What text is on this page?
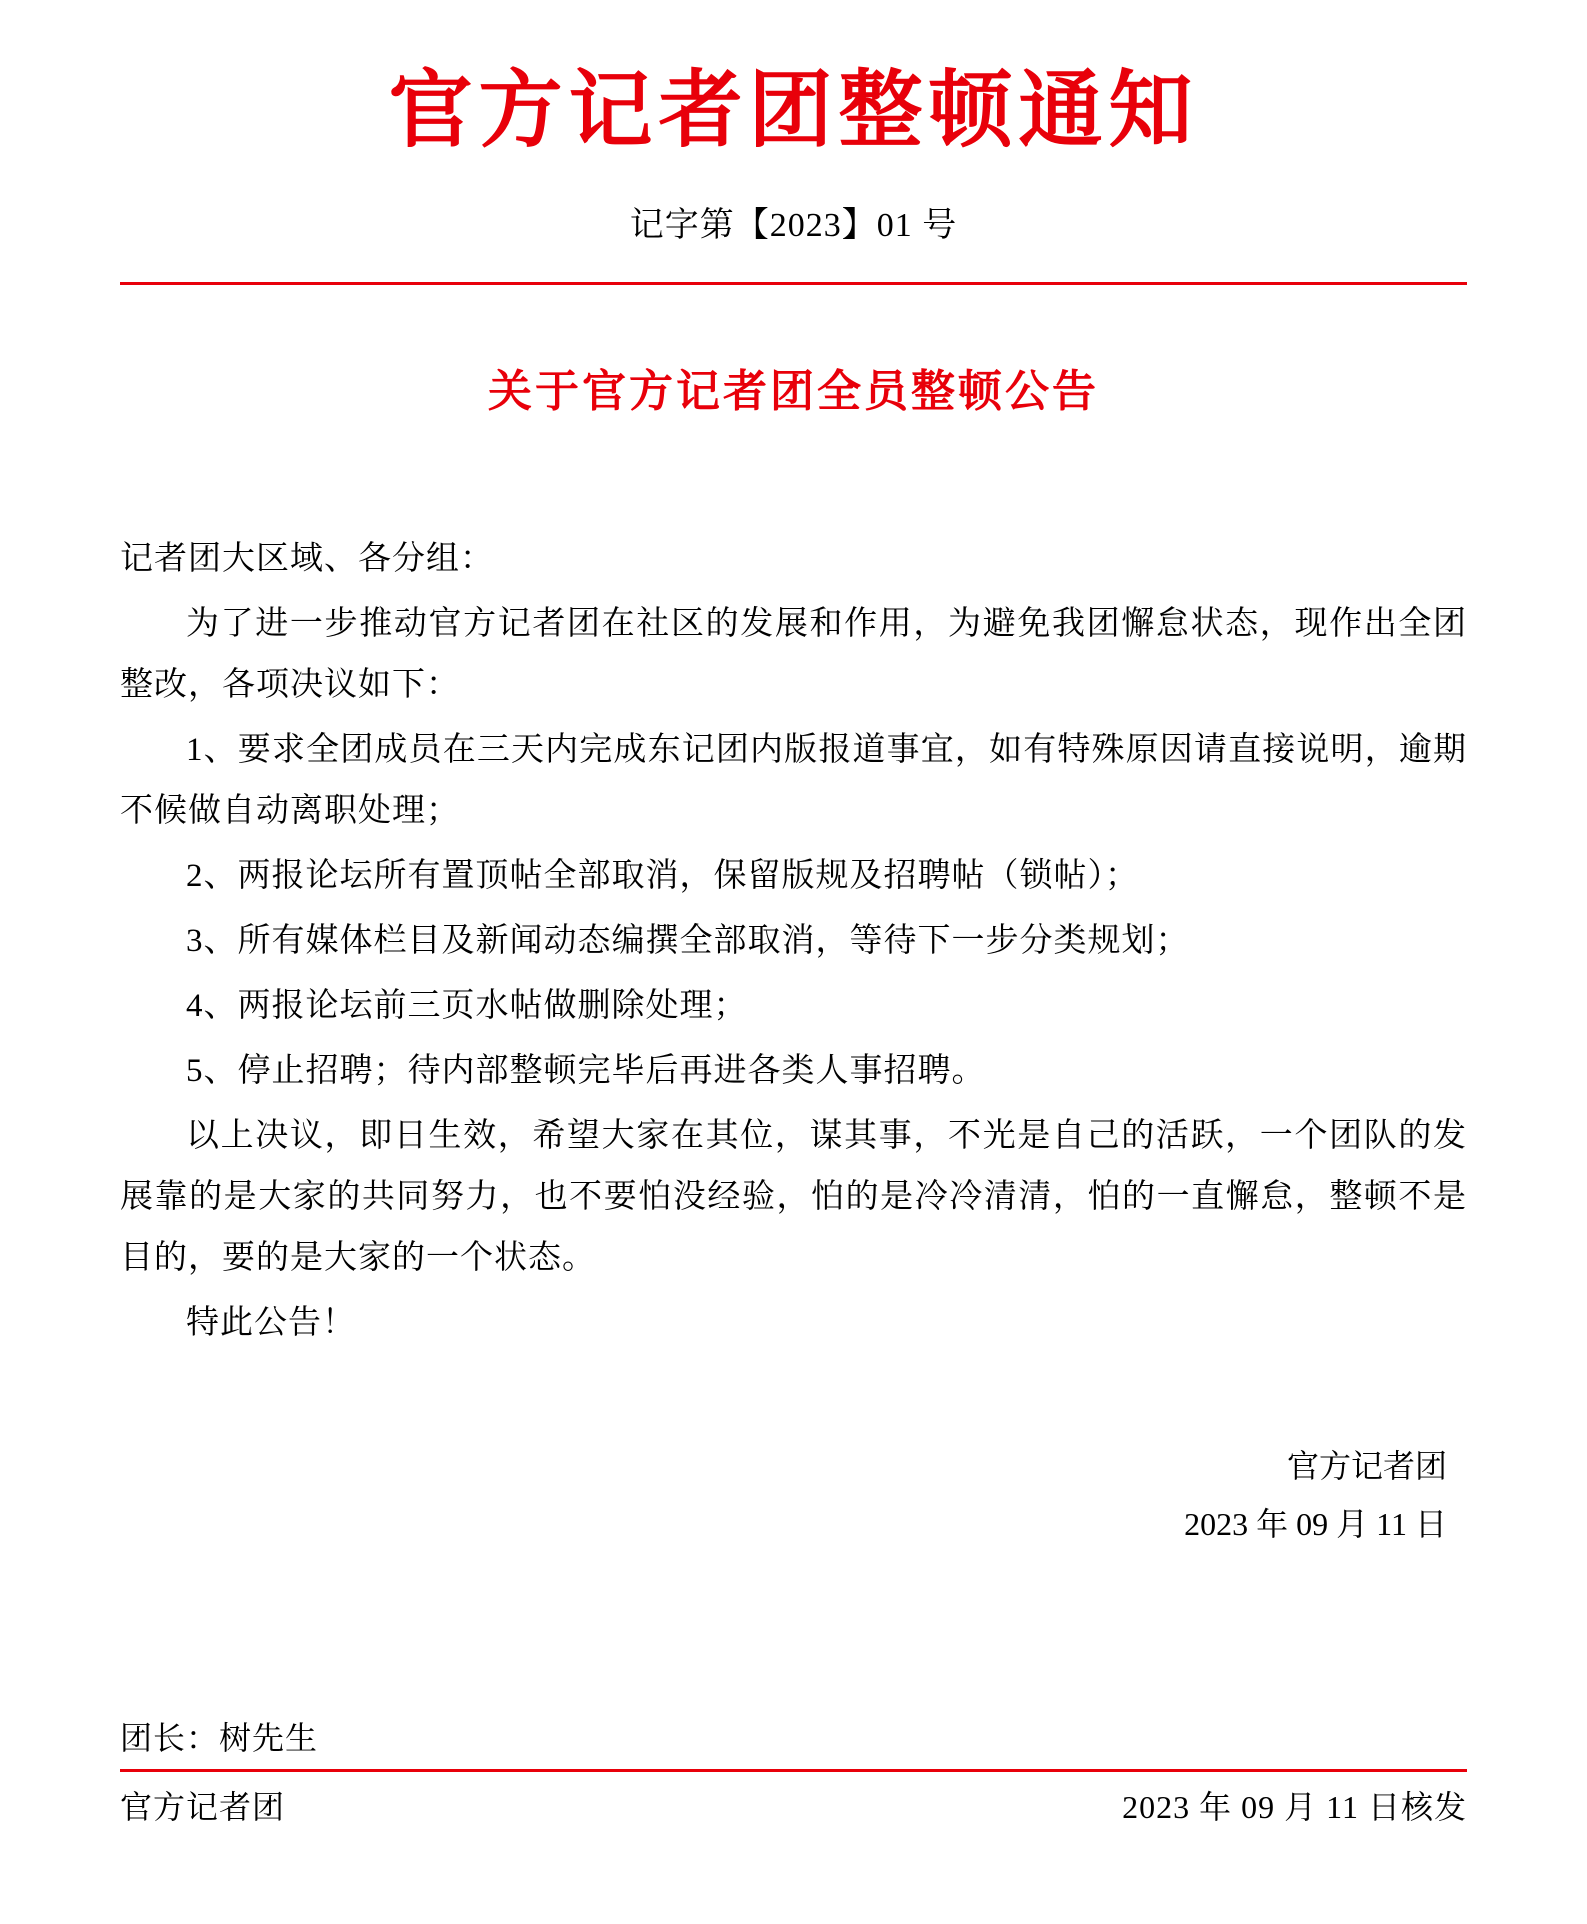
官方记者团整顿通知
记字第【2023】01 号
关于官方记者团全员整顿公告

记者团大区域、各分组：

为了进一步推动官方记者团在社区的发展和作用，为避免我团懈怠状态，现作出全团整改，各项决议如下：

1、要求全团成员在三天内完成东记团内版报道事宜，如有特殊原因请直接说明，逾期不候做自动离职处理；

2、两报论坛所有置顶帖全部取消，保留版规及招聘帖（锁帖）；

3、所有媒体栏目及新闻动态编撰全部取消，等待下一步分类规划；

4、两报论坛前三页水帖做删除处理；

5、停止招聘；待内部整顿完毕后再进各类人事招聘。

以上决议，即日生效，希望大家在其位，谋其事，不光是自己的活跃，一个团队的发展靠的是大家的共同努力，也不要怕没经验，怕的是冷冷清清，怕的一直懈怠，整顿不是目的，要的是大家的一个状态。

特此公告！

官方记者团
2023 年 09 月 11 日
团长：树先生
官方记者团	2023 年 09 月 11 日核发
